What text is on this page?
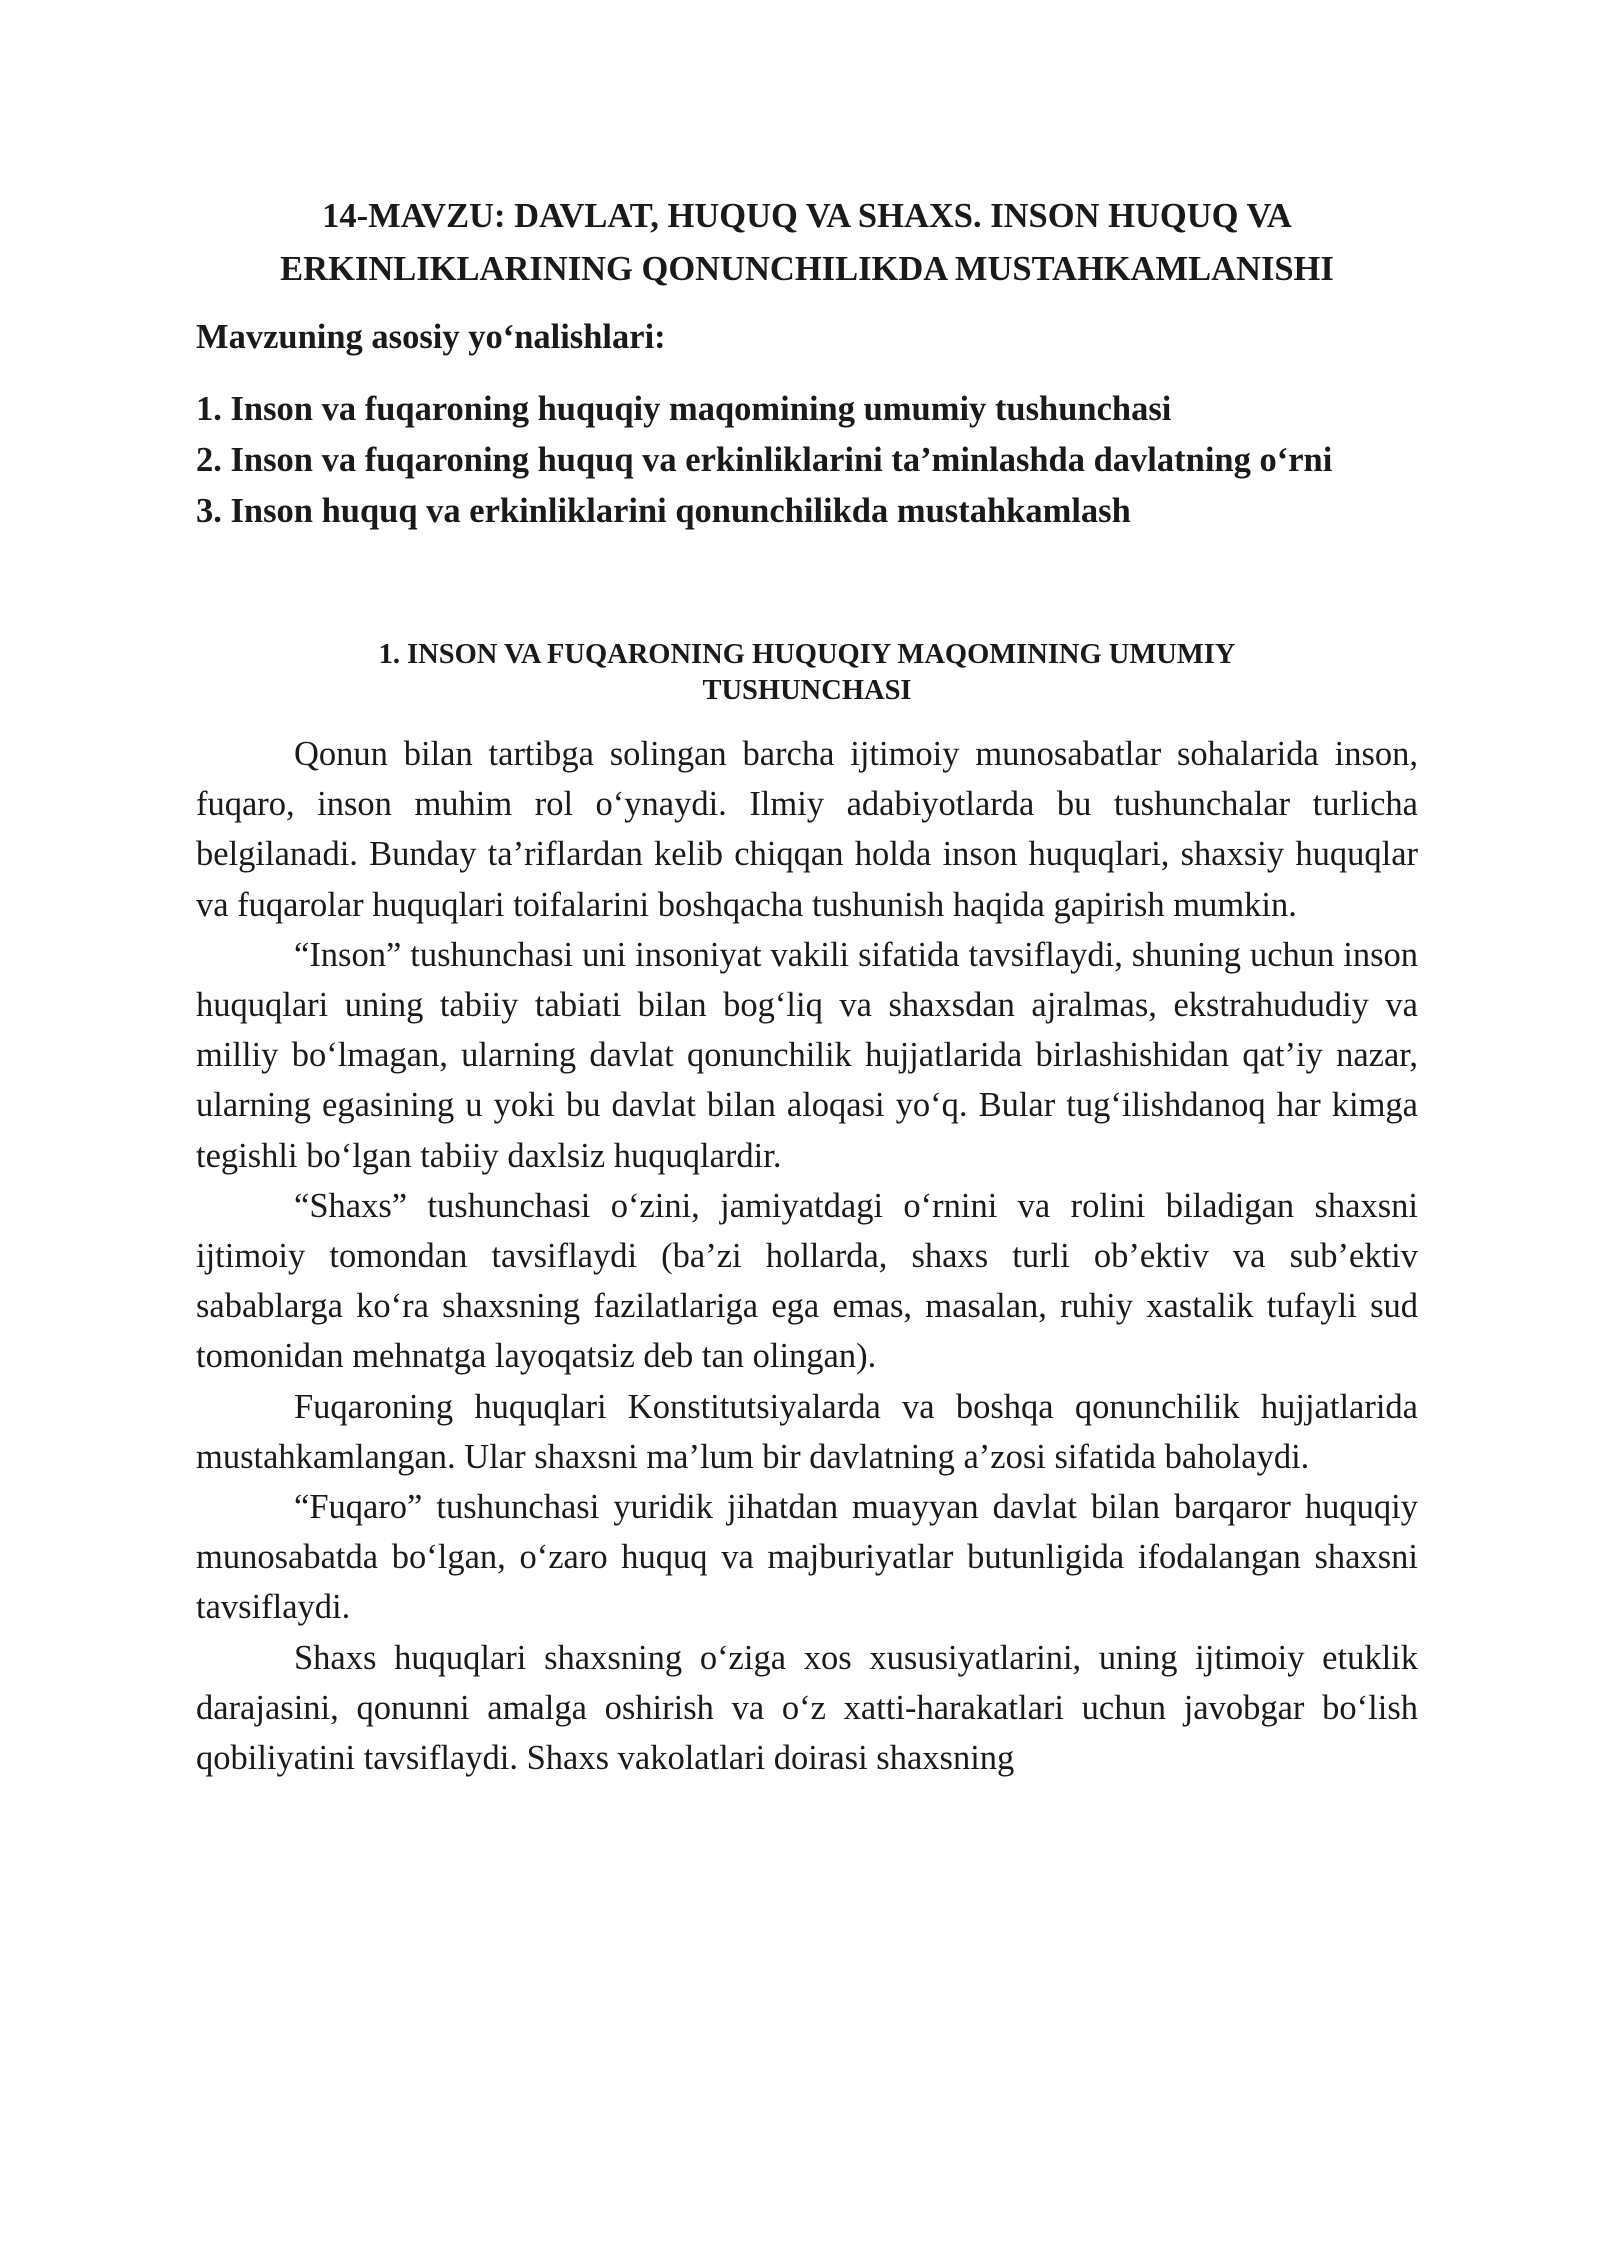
14-MAVZU: DAVLAT, HUQUQ VA SHAXS. INSON HUQUQ VA
ERKINLIKLARINING QONUNCHILIKDA MUSTAHKAMLANISHI
Mavzuning asosiy yo‘nalishlari:
1. Inson va fuqaroning huquqiy maqomining umumiy tushunchasi
2. Inson va fuqaroning huquq va erkinliklarini ta’minlashda davlatning o‘rni
3. Inson huquq va erkinliklarini qonunchilikda mustahkamlash
1. INSON VA FUQARONING HUQUQIY MAQOMINING UMUMIY
TUSHUNCHASI

Qonun bilan tartibga solingan barcha ijtimoiy munosabatlar sohalarida inson, fuqaro, inson muhim rol o‘ynaydi. Ilmiy adabiyotlarda bu tushunchalar turlicha belgilanadi. Bunday ta’riflardan kelib chiqqan holda inson huquqlari, shaxsiy huquqlar va fuqarolar huquqlari toifalarini boshqacha tushunish haqida gapirish mumkin.

“Inson” tushunchasi uni insoniyat vakili sifatida tavsiflaydi, shuning uchun inson huquqlari uning tabiiy tabiati bilan bog‘liq va shaxsdan ajralmas, ekstrahududiy va milliy bo‘lmagan, ularning davlat qonunchilik hujjatlarida birlashishidan qat’iy nazar, ularning egasining u yoki bu davlat bilan aloqasi yo‘q. Bular tug‘ilishdanoq har kimga tegishli bo‘lgan tabiiy daxlsiz huquqlardir.

“Shaxs” tushunchasi o‘zini, jamiyatdagi o‘rnini va rolini biladigan shaxsni ijtimoiy tomondan tavsiflaydi (ba’zi hollarda, shaxs turli ob’ektiv va sub’ektiv sabablarga ko‘ra shaxsning fazilatlariga ega emas, masalan, ruhiy xastalik tufayli sud tomonidan mehnatga layoqatsiz deb tan olingan).

Fuqaroning huquqlari Konstitutsiyalarda va boshqa qonunchilik hujjatlarida mustahkamlangan. Ular shaxsni ma’lum bir davlatning a’zosi sifatida baholaydi.

“Fuqaro” tushunchasi yuridik jihatdan muayyan davlat bilan barqaror huquqiy munosabatda bo‘lgan, o‘zaro huquq va majburiyatlar butunligida ifodalangan shaxsni tavsiflaydi.

Shaxs huquqlari shaxsning o‘ziga xos xususiyatlarini, uning ijtimoiy etuklik darajasini, qonunni amalga oshirish va o‘z xatti-harakatlari uchun javobgar bo‘lish qobiliyatini tavsiflaydi. Shaxs vakolatlari doirasi shaxsning
